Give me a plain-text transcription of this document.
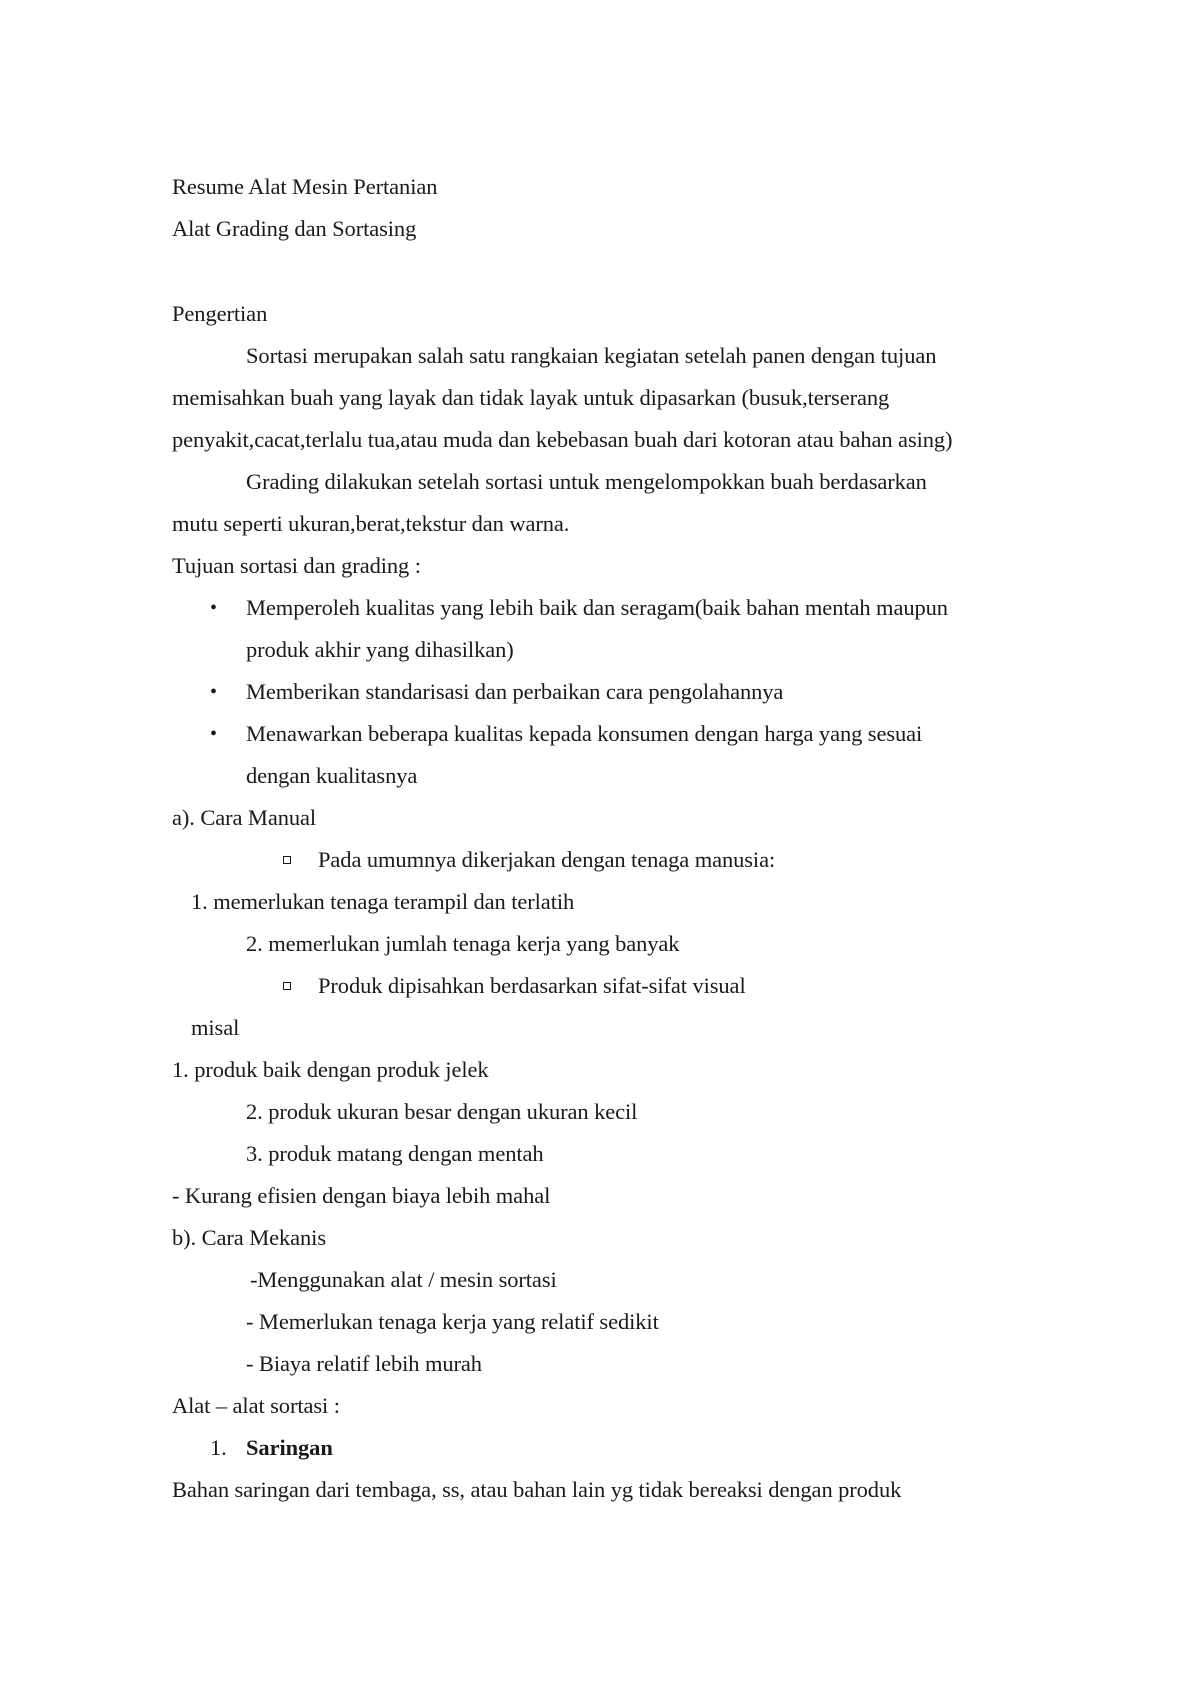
Resume Alat Mesin Pertanian
Alat Grading dan Sortasing
Pengertian
Sortasi merupakan salah satu rangkaian kegiatan setelah panen dengan tujuan
memisahkan buah yang layak dan tidak layak untuk dipasarkan (busuk,terserang
penyakit,cacat,terlalu tua,atau muda dan kebebasan buah dari kotoran atau bahan asing)
Grading dilakukan setelah sortasi untuk mengelompokkan buah berdasarkan
mutu seperti ukuran,berat,tekstur dan warna.
Tujuan sortasi dan grading :
• Memperoleh kualitas yang lebih baik dan seragam(baik bahan mentah maupun
produk akhir yang dihasilkan)
• Memberikan standarisasi dan perbaikan cara pengolahannya
• Menawarkan beberapa kualitas kepada konsumen dengan harga yang sesuai
dengan kualitasnya
a). Cara Manual
Pada umumnya dikerjakan dengan tenaga manusia:
1. memerlukan tenaga terampil dan terlatih
2. memerlukan jumlah tenaga kerja yang banyak
Produk dipisahkan berdasarkan sifat-sifat visual
misal
1. produk baik dengan produk jelek
2. produk ukuran besar dengan ukuran kecil
3. produk matang dengan mentah
- Kurang efisien dengan biaya lebih mahal
b). Cara Mekanis
-Menggunakan alat / mesin sortasi
- Memerlukan tenaga kerja yang relatif sedikit
- Biaya relatif lebih murah
Alat – alat sortasi :
1. Saringan
Bahan saringan dari tembaga, ss, atau bahan lain yg tidak bereaksi dengan produk
